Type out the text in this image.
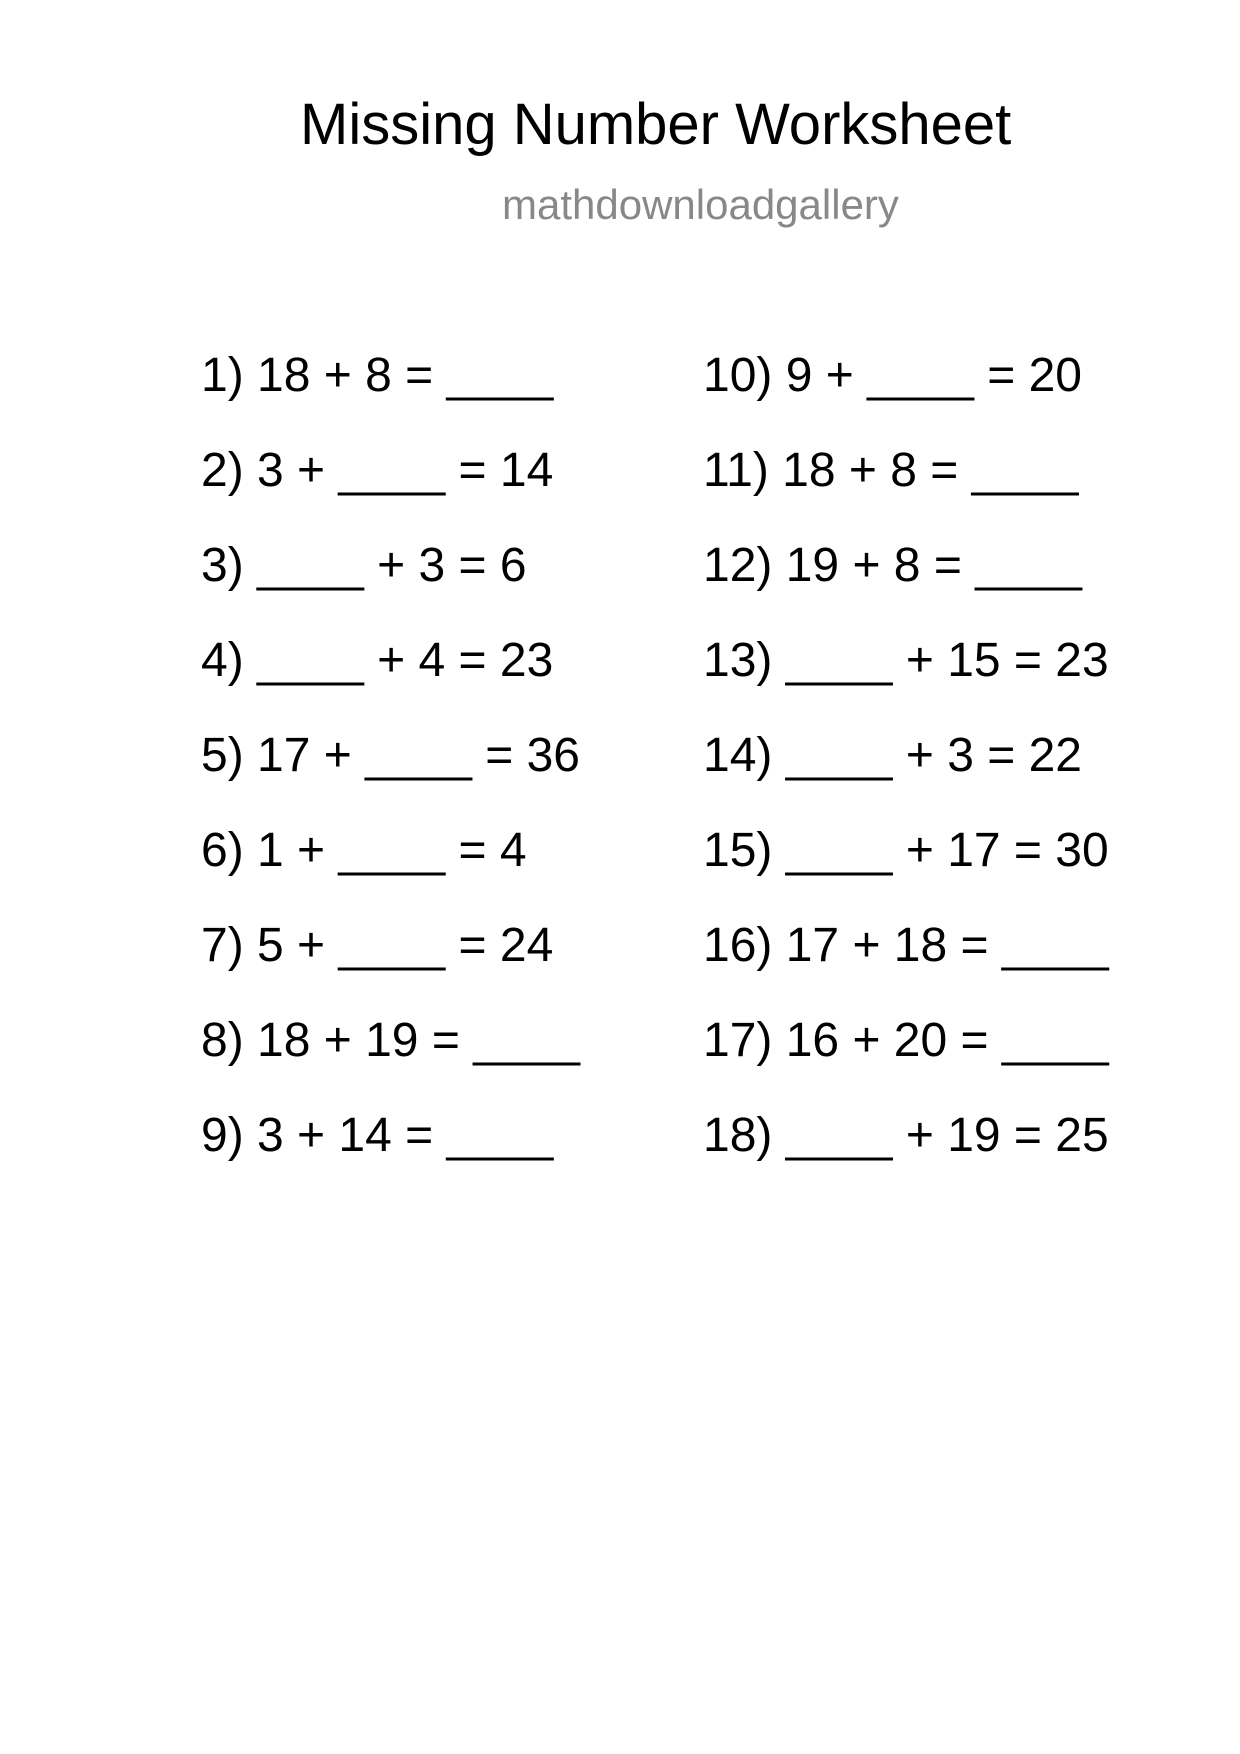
Missing Number Worksheet
mathdownloadgallery
1) 18 + 8 = ____
2) 3 + ____ = 14
3) ____ + 3 = 6
4) ____ + 4 = 23
5) 17 + ____ = 36
6) 1 + ____ = 4
7) 5 + ____ = 24
8) 18 + 19 = ____
9) 3 + 14 = ____
10) 9 + ____ = 20
11) 18 + 8 = ____
12) 19 + 8 = ____
13) ____ + 15 = 23
14) ____ + 3 = 22
15) ____ + 17 = 30
16) 17 + 18 = ____
17) 16 + 20 = ____
18) ____ + 19 = 25
